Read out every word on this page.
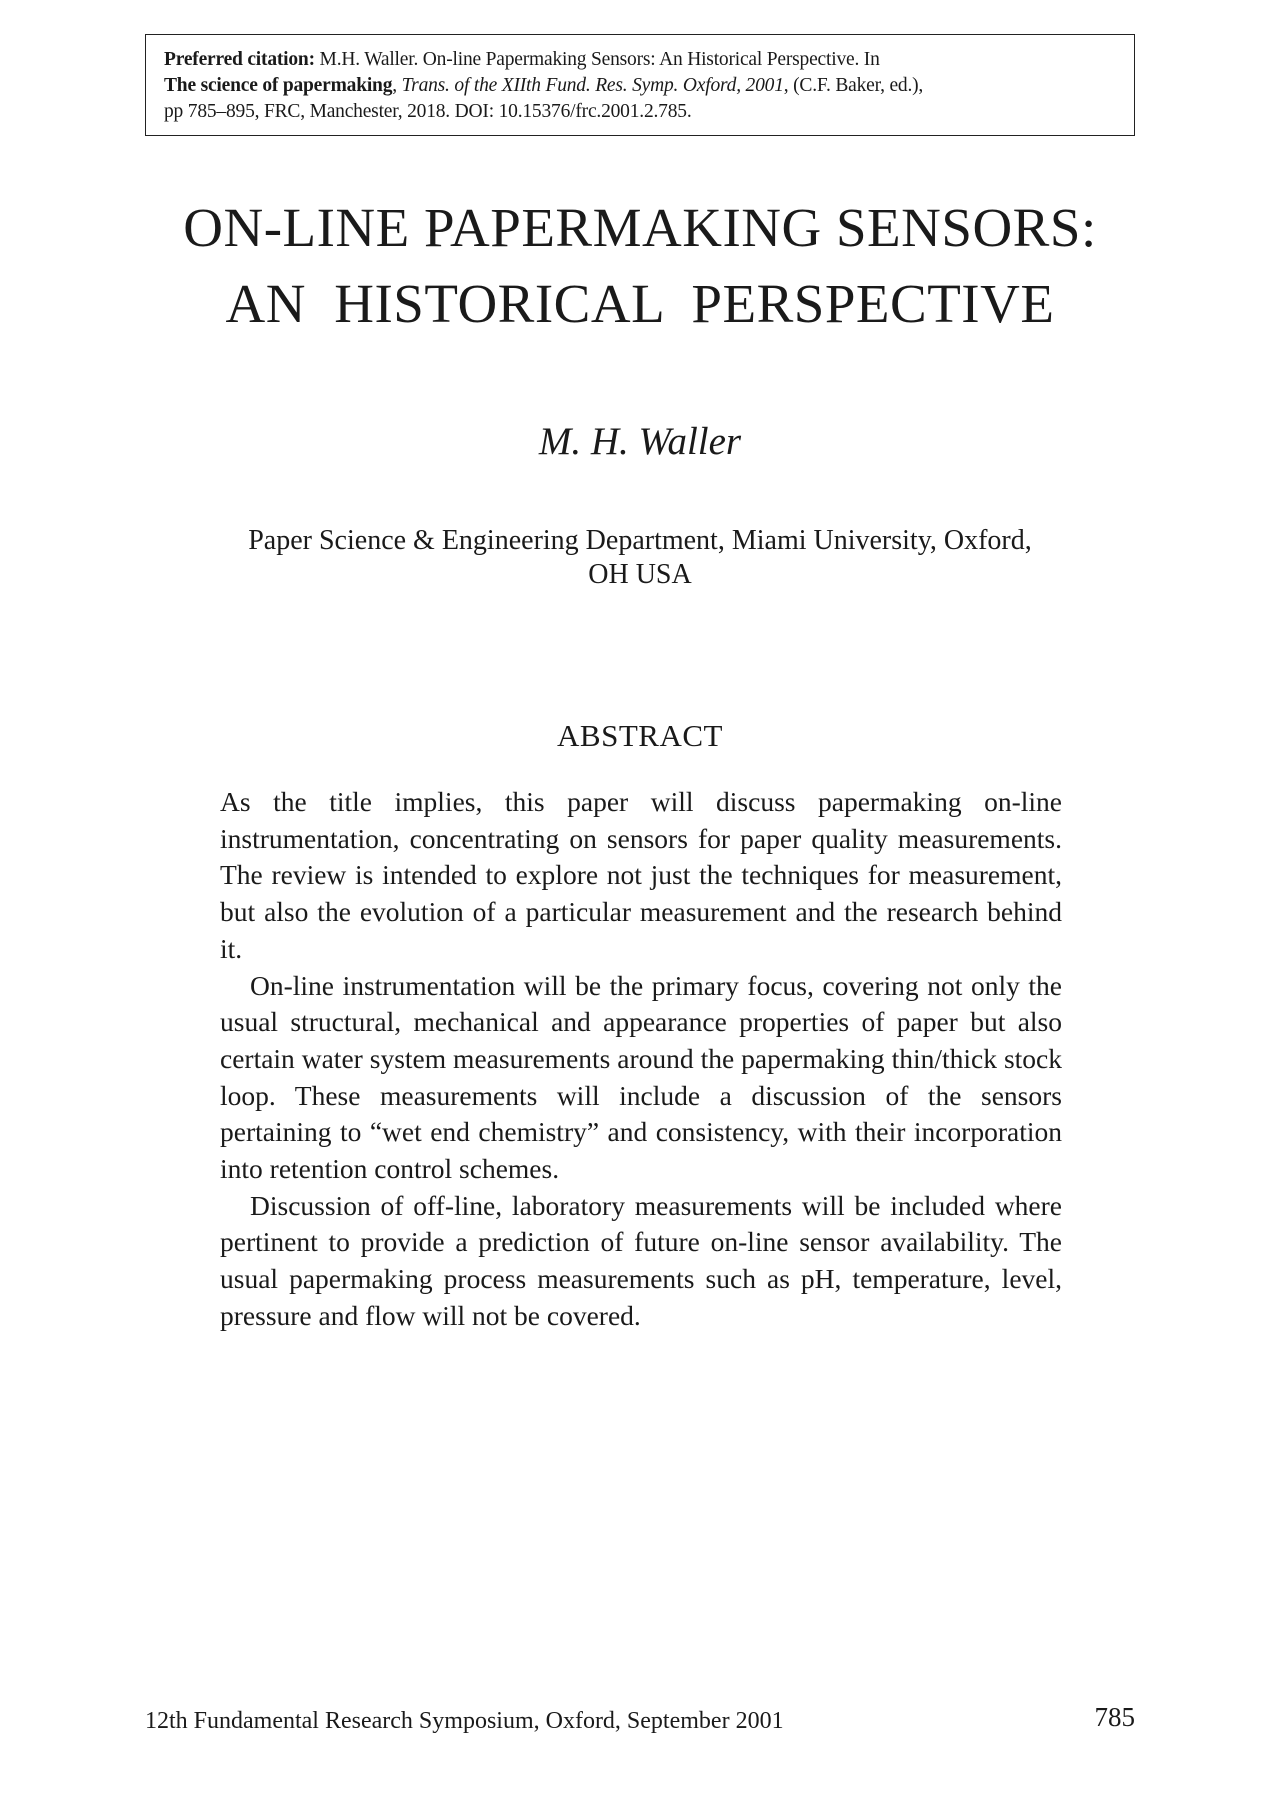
Preferred citation: M.H. Waller. On-line Papermaking Sensors: An Historical Perspective. In
The science of papermaking, Trans. of the XIIth Fund. Res. Symp. Oxford, 2001, (C.F. Baker, ed.),
pp 785–895, FRC, Manchester, 2018. DOI: 10.15376/frc.2001.2.785.
ON-LINE PAPERMAKING SENSORS:
AN HISTORICAL PERSPECTIVE
M. H. Waller
Paper Science & Engineering Department, Miami University, Oxford,
OH USA
ABSTRACT

As the title implies, this paper will discuss papermaking on-line instrumentation, concentrating on sensors for paper quality measurements. The review is intended to explore not just the techniques for measurement, but also the evolution of a particular measurement and the research behind it.

On-line instrumentation will be the primary focus, covering not only the usual structural, mechanical and appearance properties of paper but also certain water system measurements around the papermaking thin/thick stock loop. These measurements will include a discussion of the sensors pertaining to “wet end chemistry” and consistency, with their incorporation into retention control schemes.

Discussion of off-line, laboratory measurements will be included where pertinent to provide a prediction of future on-line sensor availability. The usual papermaking process measurements such as pH, temperature, level, pressure and flow will not be covered.

12th Fundamental Research Symposium, Oxford, September 2001	785
